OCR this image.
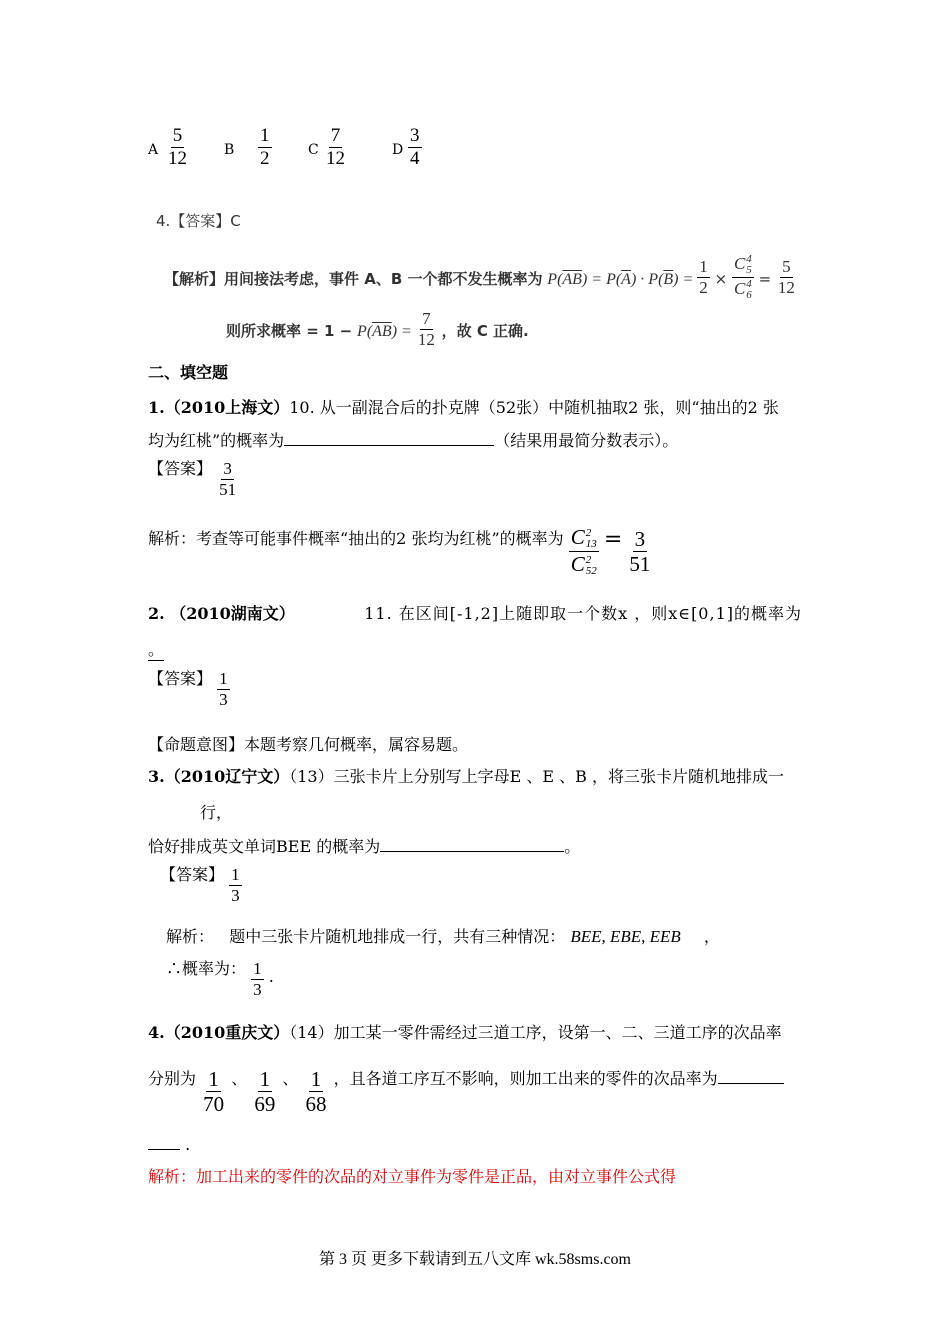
A $\frac{5}{12}$	B $\frac{1}{2}$	C $\frac{7}{12}$	D $\frac{3}{4}$
4.【答案】C
【解析】用间接法考虑，事件 A、B 一个都不发生概率为 $P(\overline{AB}) = P(\overline{A}) \cdot P(\overline{B}) = \frac{1}{2} \times C$ 4
5
C 4
$6 = \frac{5}{12}$
则所求概率 = $1 - P(\overline{AB}) = \frac{7}{12}$ ，故 C 正确.
二、填空题
1.（2010上海文）10. 从一副混合后的扑克牌（52张）中随机抽取2 张，则“抽出的2 张
均为红桃”的概率为	（结果用最简分数表示）。
【答案】 $\frac{3}{51}$
解析：考查等可能事件概率“抽出的2 张均为红桃”的概率为 C 2
13
C 2
$52 = \frac{3}{51}$
2. （2010湖南文）	11. 在区间[-1,2]上随即取一个数x ，则x∈[0,1]的概率为
。
【答案】 $\frac{1}{3}$
【命题意图】本题考察几何概率，属容易题。
3.（2010辽宁文）（13）三张卡片上分别写上字母E 、E 、B ，将三张卡片随机地排成一
行，
恰好排成英文单词BEE 的概率为	。
【答案】 $\frac{1}{3}$
解析：   题中三张卡片随机地排成一行，共有三种情况： BEE, EBE, EEB ，
∴概率为： $\frac{1}{3}$ .
4.（2010重庆文）（14）加工某一零件需经过三道工序，设第一、二、三道工序的次品率
分别为 $\frac{1}{70}$ 、 $\frac{1}{69}$ 、 $\frac{1}{68}$ ，且各道工序互不影响，则加工出来的零件的次品率为
.
解析：加工出来的零件的次品的对立事件为零件是正品，由对立事件公式得
第 3 页 更多下载请到五八文库 wk.58sms.com
